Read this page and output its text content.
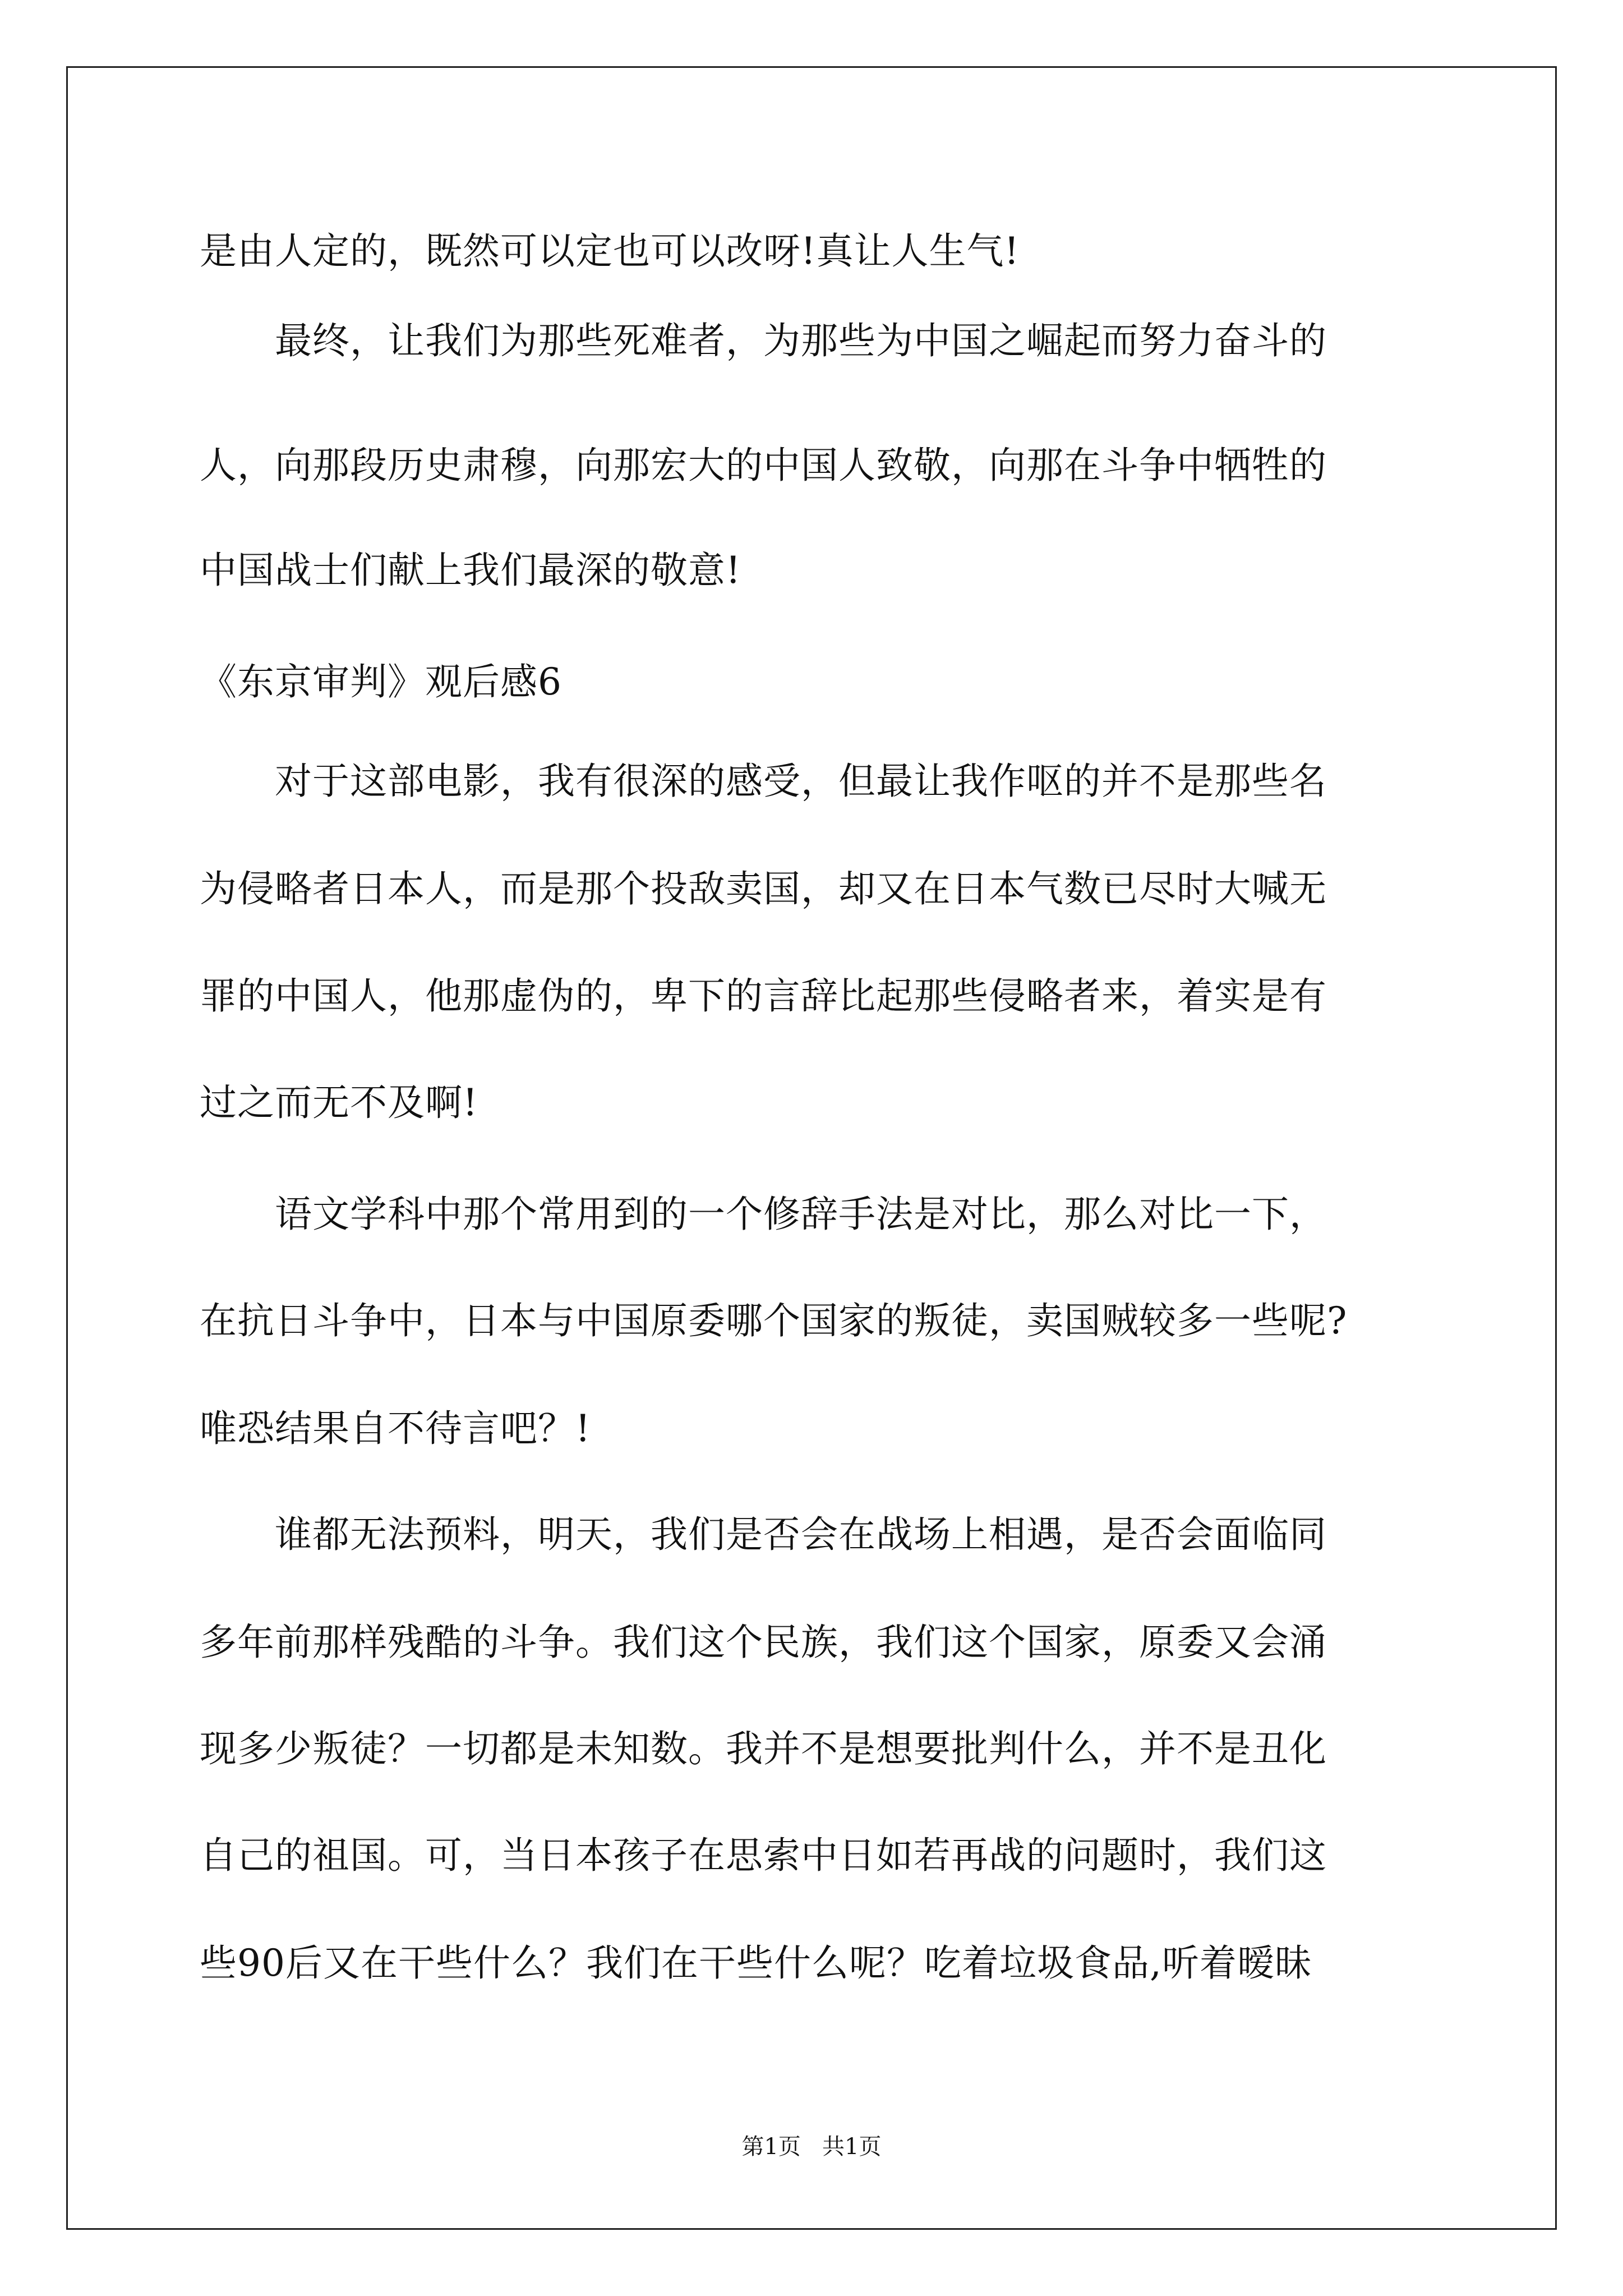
是由人定的，既然可以定也可以改呀!真让人生气!
　　最终，让我们为那些死难者，为那些为中国之崛起而努力奋斗的
人，向那段历史肃穆，向那宏大的中国人致敬，向那在斗争中牺牲的
中国战士们献上我们最深的敬意!
《东京审判》观后感6
　　对于这部电影，我有很深的感受，但最让我作呕的并不是那些名
为侵略者日本人，而是那个投敌卖国，却又在日本气数已尽时大喊无
罪的中国人，他那虚伪的，卑下的言辞比起那些侵略者来，着实是有
过之而无不及啊!
　　语文学科中那个常用到的一个修辞手法是对比，那么对比一下，
在抗日斗争中，日本与中国原委哪个国家的叛徒，卖国贼较多一些呢?
唯恐结果自不待言吧？!
　　谁都无法预料，明天，我们是否会在战场上相遇，是否会面临同
多年前那样残酷的斗争。我们这个民族，我们这个国家，原委又会涌
现多少叛徒？一切都是未知数。我并不是想要批判什么，并不是丑化
自己的祖国。可，当日本孩子在思索中日如若再战的问题时，我们这
些90后又在干些什么？我们在干些什么呢？吃着垃圾食品,听着暧昧
第1页   共1页
